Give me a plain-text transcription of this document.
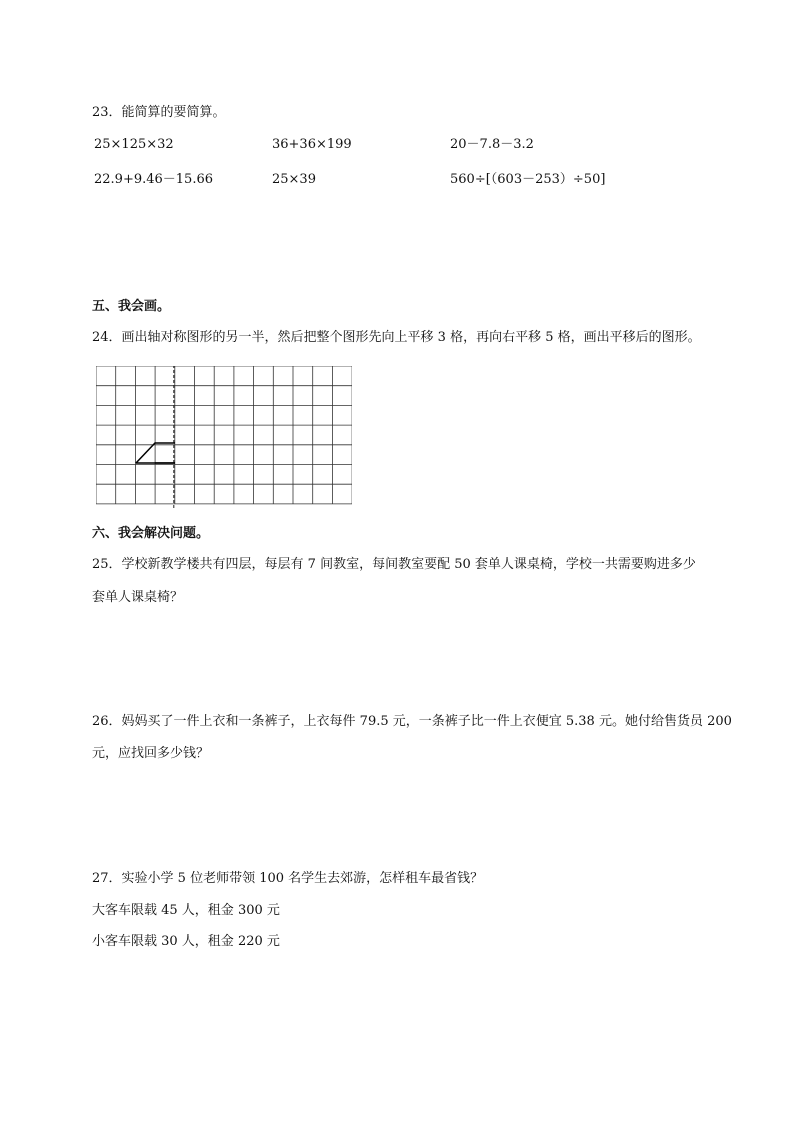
23．能简算的要简算。
25×125×32	36+36×199	20－7.8－3.2
22.9+9.46－15.66	25×39	560÷[（603－253）÷50]
五、我会画。
24．画出轴对称图形的另一半，然后把整个图形先向上平移 3 格，再向右平移 5 格，画出平移后的图形。
六、我会解决问题。
25．学校新教学楼共有四层，每层有 7 间教室，每间教室要配 50 套单人课桌椅，学校一共需要购进多少
套单人课桌椅？
26．妈妈买了一件上衣和一条裤子，上衣每件 79.5 元，一条裤子比一件上衣便宜 5.38 元。她付给售货员 200
元，应找回多少钱？
27．实验小学 5 位老师带领 100 名学生去郊游，怎样租车最省钱？
大客车限载 45 人，租金 300 元
小客车限载 30 人，租金 220 元
